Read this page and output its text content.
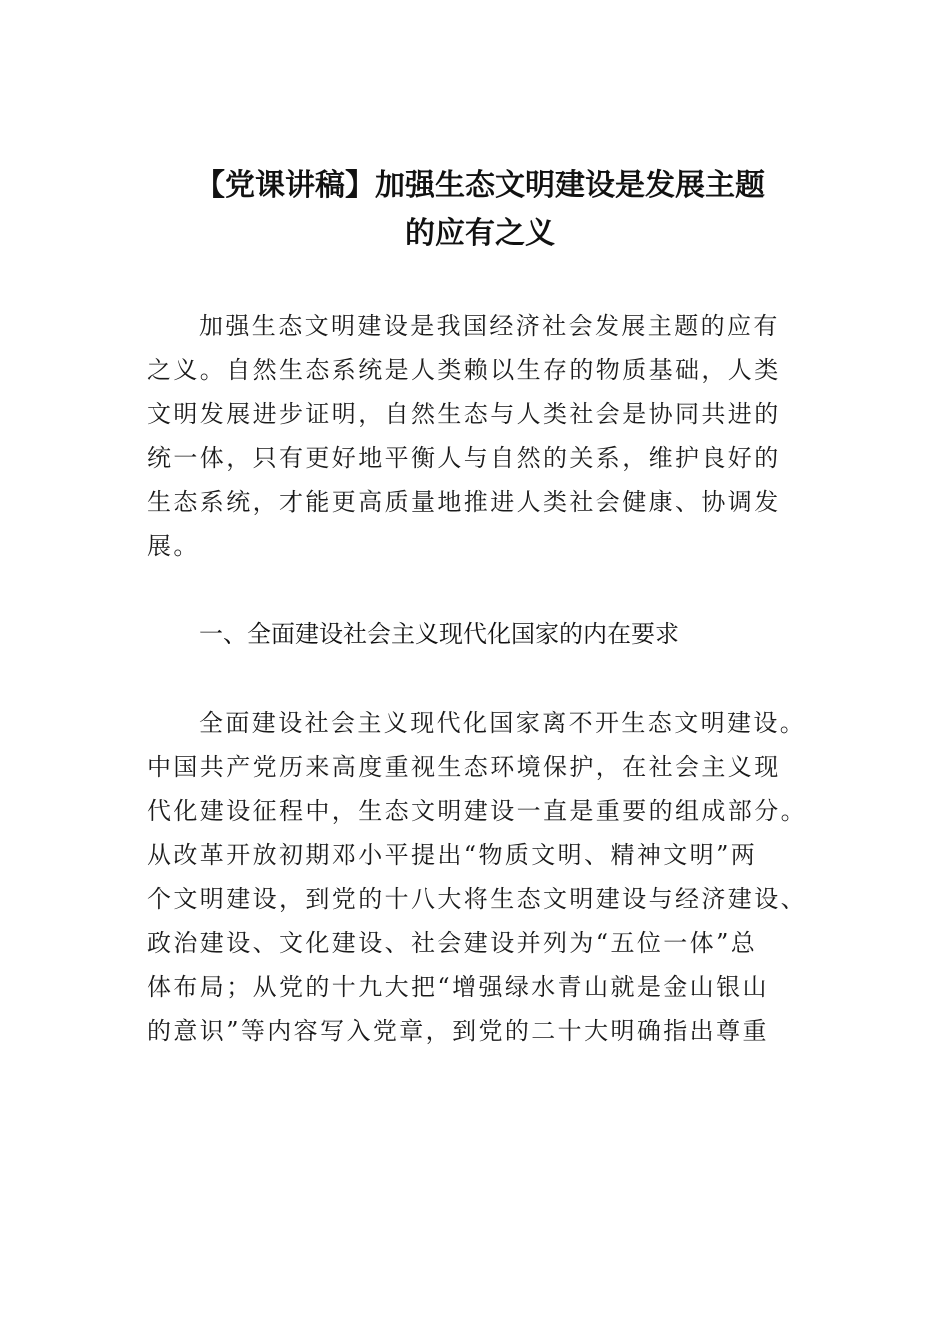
【党课讲稿】加强生态文明建设是发展主题
的应有之义
加强生态文明建设是我国经济社会发展主题的应有
之义。自然生态系统是人类赖以生存的物质基础，人类
文明发展进步证明，自然生态与人类社会是协同共进的
统一体，只有更好地平衡人与自然的关系，维护良好的
生态系统，才能更高质量地推进人类社会健康、协调发
展。
一、全面建设社会主义现代化国家的内在要求
全面建设社会主义现代化国家离不开生态文明建设。
中国共产党历来高度重视生态环境保护，在社会主义现
代化建设征程中，生态文明建设一直是重要的组成部分。
从改革开放初期邓小平提出“物质文明、精神文明”两
个文明建设，到党的十八大将生态文明建设与经济建设、
政治建设、文化建设、社会建设并列为“五位一体”总
体布局；从党的十九大把“增强绿水青山就是金山银山
的意识”等内容写入党章，到党的二十大明确指出尊重
